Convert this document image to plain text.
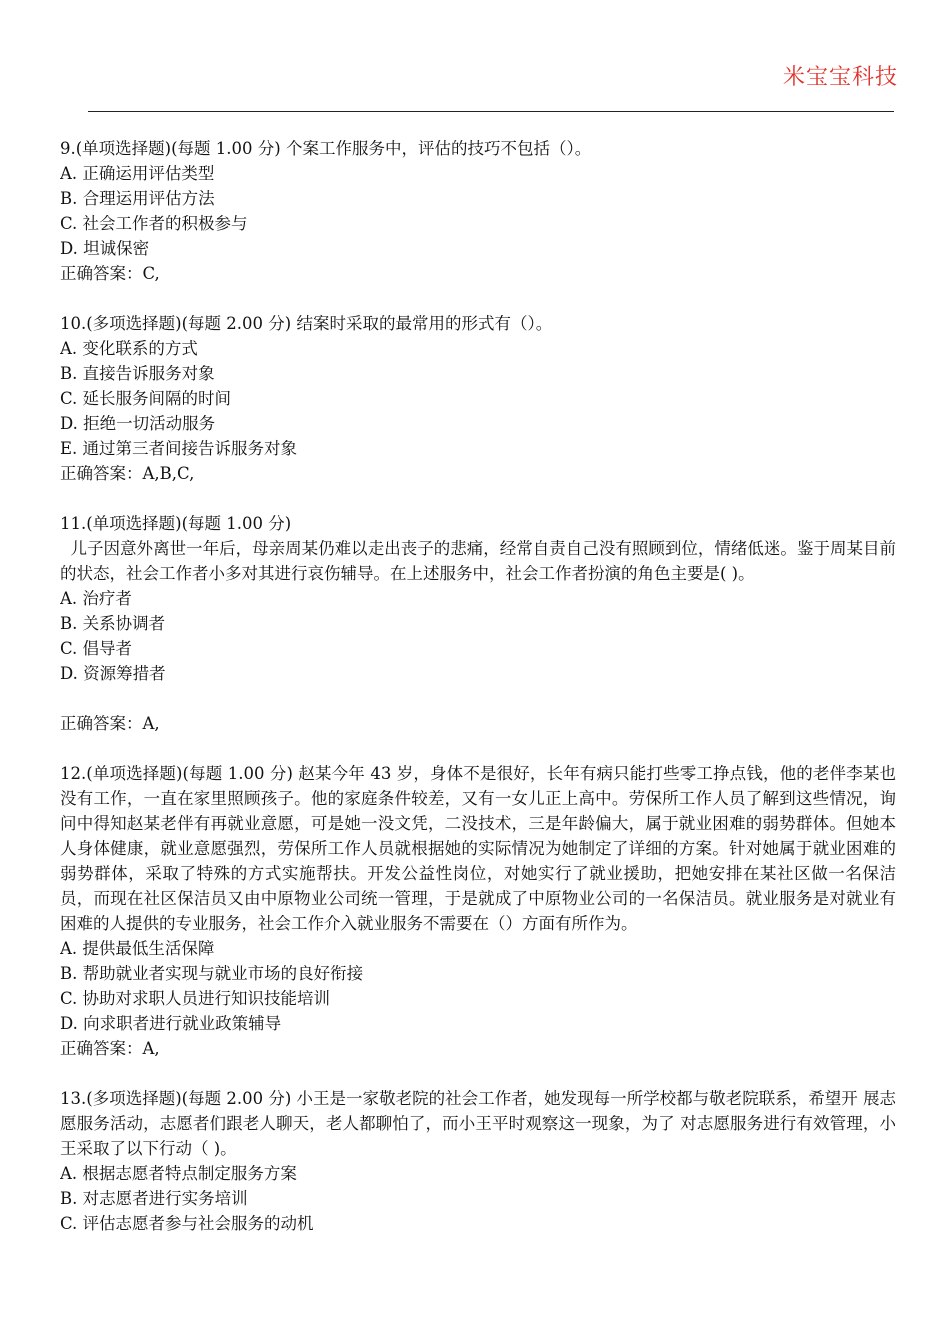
米宝宝科技
9.(单项选择题)(每题 1.00 分) 个案工作服务中，评估的技巧不包括（）。
A. 正确运用评估类型
B. 合理运用评估方法
C. 社会工作者的积极参与
D. 坦诚保密
正确答案：C,
10.(多项选择题)(每题 2.00 分) 结案时采取的最常用的形式有（）。
A. 变化联系的方式
B. 直接告诉服务对象
C. 延长服务间隔的时间
D. 拒绝一切活动服务
E. 通过第三者间接告诉服务对象
正确答案：A,B,C,
11.(单项选择题)(每题 1.00 分)
儿子因意外离世一年后，母亲周某仍难以走出丧子的悲痛，经常自责自己没有照顾到位，情绪低迷。鉴于周某目前的状态，社会工作者小多对其进行哀伤辅导。在上述服务中，社会工作者扮演的角色主要是( )。
A. 治疗者
B. 关系协调者
C. 倡导者
D. 资源筹措者
正确答案：A,
12.(单项选择题)(每题 1.00 分) 赵某今年 43 岁，身体不是很好，长年有病只能打些零工挣点钱，他的老伴李某也没有工作，一直在家里照顾孩子。他的家庭条件较差，又有一女儿正上高中。劳保所工作人员了解到这些情况，询问中得知赵某老伴有再就业意愿，可是她一没文凭，二没技术，三是年龄偏大，属于就业困难的弱势群体。但她本人身体健康，就业意愿强烈，劳保所工作人员就根据她的实际情况为她制定了详细的方案。针对她属于就业困难的弱势群体，采取了特殊的方式实施帮扶。开发公益性岗位，对她实行了就业援助，把她安排在某社区做一名保洁员，而现在社区保洁员又由中原物业公司统一管理，于是就成了中原物业公司的一名保洁员。就业服务是对就业有困难的人提供的专业服务，社会工作介入就业服务不需要在（）方面有所作为。
A. 提供最低生活保障
B. 帮助就业者实现与就业市场的良好衔接
C. 协助对求职人员进行知识技能培训
D. 向求职者进行就业政策辅导
正确答案：A,
13.(多项选择题)(每题 2.00 分) 小王是一家敬老院的社会工作者，她发现每一所学校都与敬老院联系，希望开 展志愿服务活动，志愿者们跟老人聊天，老人都聊怕了，而小王平时观察这一现象，为了 对志愿服务进行有效管理，小王采取了以下行动（ )。
A. 根据志愿者特点制定服务方案
B. 对志愿者进行实务培训
C. 评估志愿者参与社会服务的动机
